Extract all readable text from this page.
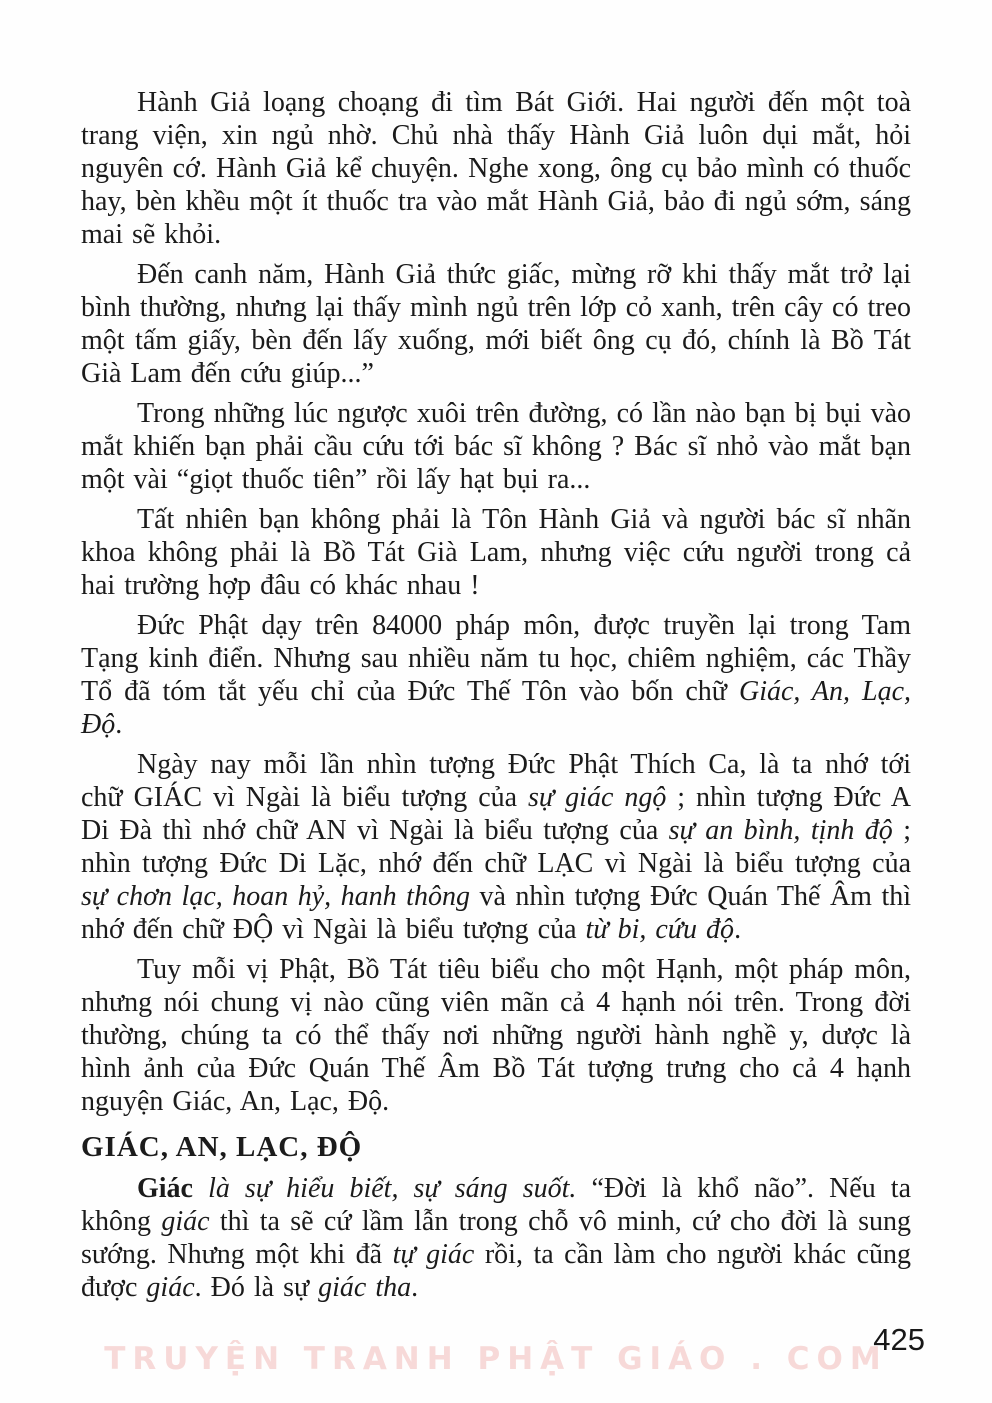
Hành Giả loạng choạng đi tìm Bát Giới. Hai người đến một toà trang viện, xin ngủ nhờ. Chủ nhà thấy Hành Giả luôn dụi mắt, hỏi nguyên cớ. Hành Giả kể chuyện. Nghe xong, ông cụ bảo mình có thuốc hay, bèn khều một ít thuốc tra vào mắt Hành Giả, bảo đi ngủ sớm, sáng mai sẽ khỏi.

Đến canh năm, Hành Giả thức giấc, mừng rỡ khi thấy mắt trở lại bình thường, nhưng lại thấy mình ngủ trên lớp cỏ xanh, trên cây có treo một tấm giấy, bèn đến lấy xuống, mới biết ông cụ đó, chính là Bồ Tát Già Lam đến cứu giúp...”

Trong những lúc ngược xuôi trên đường, có lần nào bạn bị bụi vào mắt khiến bạn phải cầu cứu tới bác sĩ không ? Bác sĩ nhỏ vào mắt bạn một vài “giọt thuốc tiên” rồi lấy hạt bụi ra...

Tất nhiên bạn không phải là Tôn Hành Giả và người bác sĩ nhãn khoa không phải là Bồ Tát Già Lam, nhưng việc cứu người trong cả hai trường hợp đâu có khác nhau !

Đức Phật dạy trên 84000 pháp môn, được truyền lại trong Tam Tạng kinh điển. Nhưng sau nhiều năm tu học, chiêm nghiệm, các Thầy Tổ đã tóm tắt yếu chỉ của Đức Thế Tôn vào bốn chữ Giác, An, Lạc, Độ.

Ngày nay mỗi lần nhìn tượng Đức Phật Thích Ca, là ta nhớ tới chữ GIÁC vì Ngài là biểu tượng của sự giác ngộ ; nhìn tượng Đức A Di Đà thì nhớ chữ AN vì Ngài là biểu tượng của sự an bình, tịnh độ ; nhìn tượng Đức Di Lặc, nhớ đến chữ LẠC vì Ngài là biểu tượng của sự chơn lạc, hoan hỷ, hanh thông và nhìn tượng Đức Quán Thế Âm thì nhớ đến chữ ĐỘ vì Ngài là biểu tượng của từ bi, cứu độ.

Tuy mỗi vị Phật, Bồ Tát tiêu biểu cho một Hạnh, một pháp môn, nhưng nói chung vị nào cũng viên mãn cả 4 hạnh nói trên. Trong đời thường, chúng ta có thể thấy nơi những người hành nghề y, dược là hình ảnh của Đức Quán Thế Âm Bồ Tát tượng trưng cho cả 4 hạnh nguyện Giác, An, Lạc, Độ.

GIÁC, AN, LẠC, ĐỘ

Giác là sự hiểu biết, sự sáng suốt. “Đời là khổ não”. Nếu ta không giác thì ta sẽ cứ lầm lẫn trong chỗ vô minh, cứ cho đời là sung sướng. Nhưng một khi đã tự giác rồi, ta cần làm cho người khác cũng được giác. Đó là sự giác tha.

TRUYỆN TRANH PHẬT GIÁO . COM
425
